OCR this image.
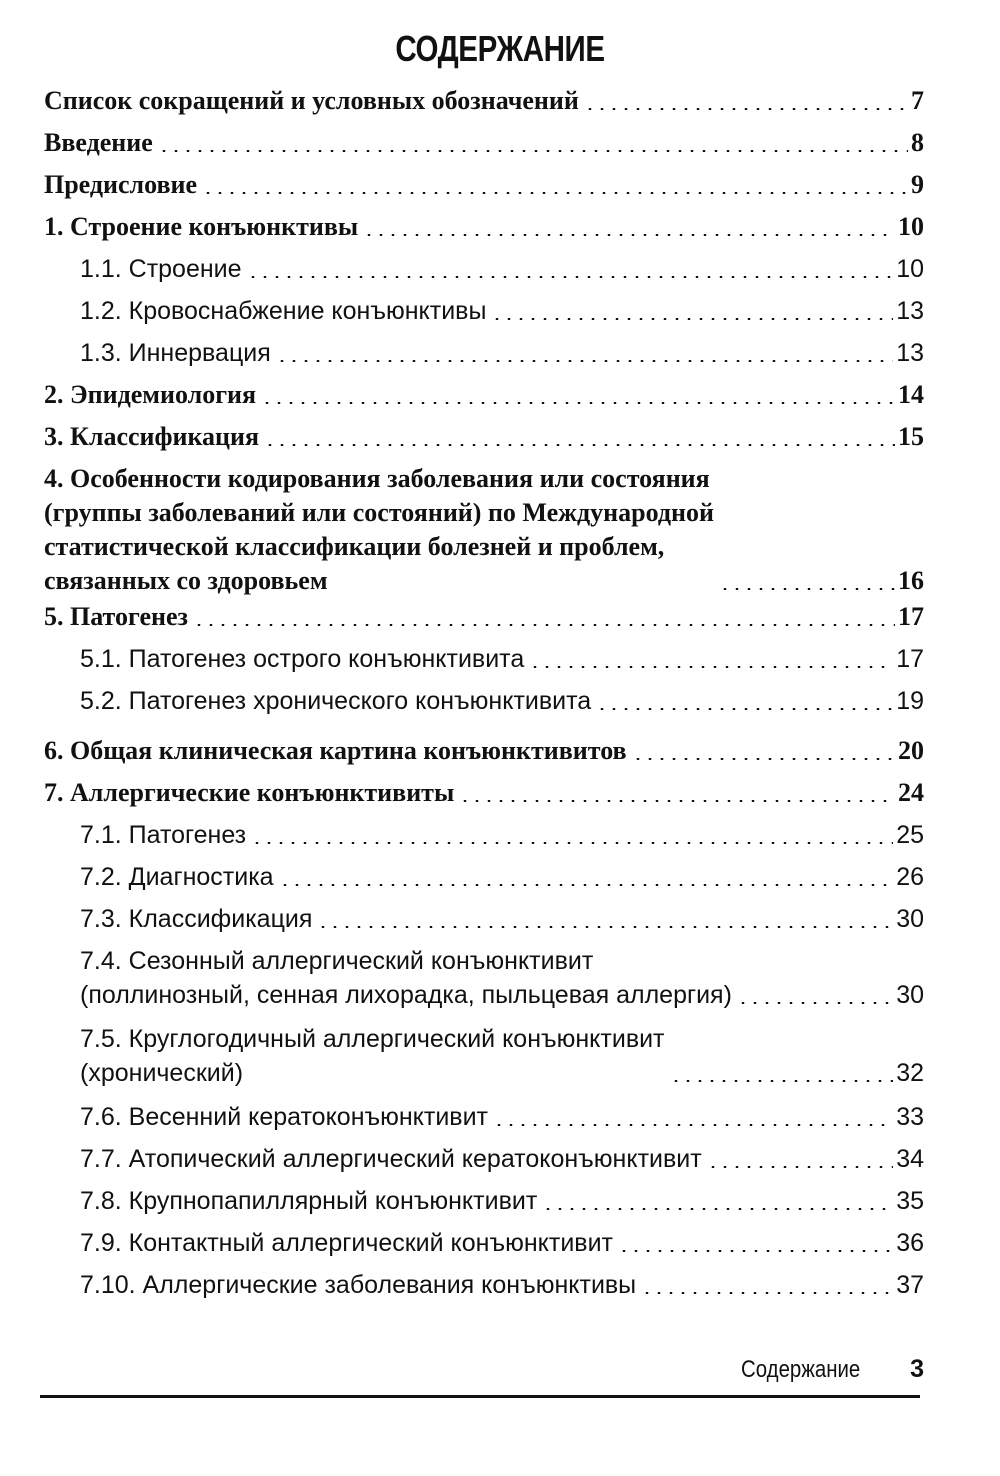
СОДЕРЖАНИЕ
Список сокращений и условных обозначений	7
Введение	8
Предисловие	9
1. Строение конъюнктивы	10
1.1. Строение	10
1.2. Кровоснабжение конъюнктивы	13
1.3. Иннервация	13
2. Эпидемиология	14
3. Классификация	15
4. Особенности кодирования заболевания или состояния
(группы заболеваний или состояний) по Международной
статистической классификации болезней и проблем,
связанных со здоровьем	16
5. Патогенез	17
5.1. Патогенез острого конъюнктивита	17
5.2. Патогенез хронического конъюнктивита	19
6. Общая клиническая картина конъюнктивитов	20
7. Аллергические конъюнктивиты	24
7.1. Патогенез	25
7.2. Диагностика	26
7.3. Классификация	30
7.4. Сезонный аллергический конъюнктивит
(поллинозный, сенная лихорадка, пыльцевая аллергия)	30
7.5. Круглогодичный аллергический конъюнктивит
(хронический)	32
7.6. Весенний кератоконъюнктивит	33
7.7. Атопический аллергический кератоконъюнктивит	34
7.8. Крупнопапиллярный конъюнктивит	35
7.9. Контактный аллергический конъюнктивит	36
7.10. Аллергические заболевания конъюнктивы	37
Содержание 3
